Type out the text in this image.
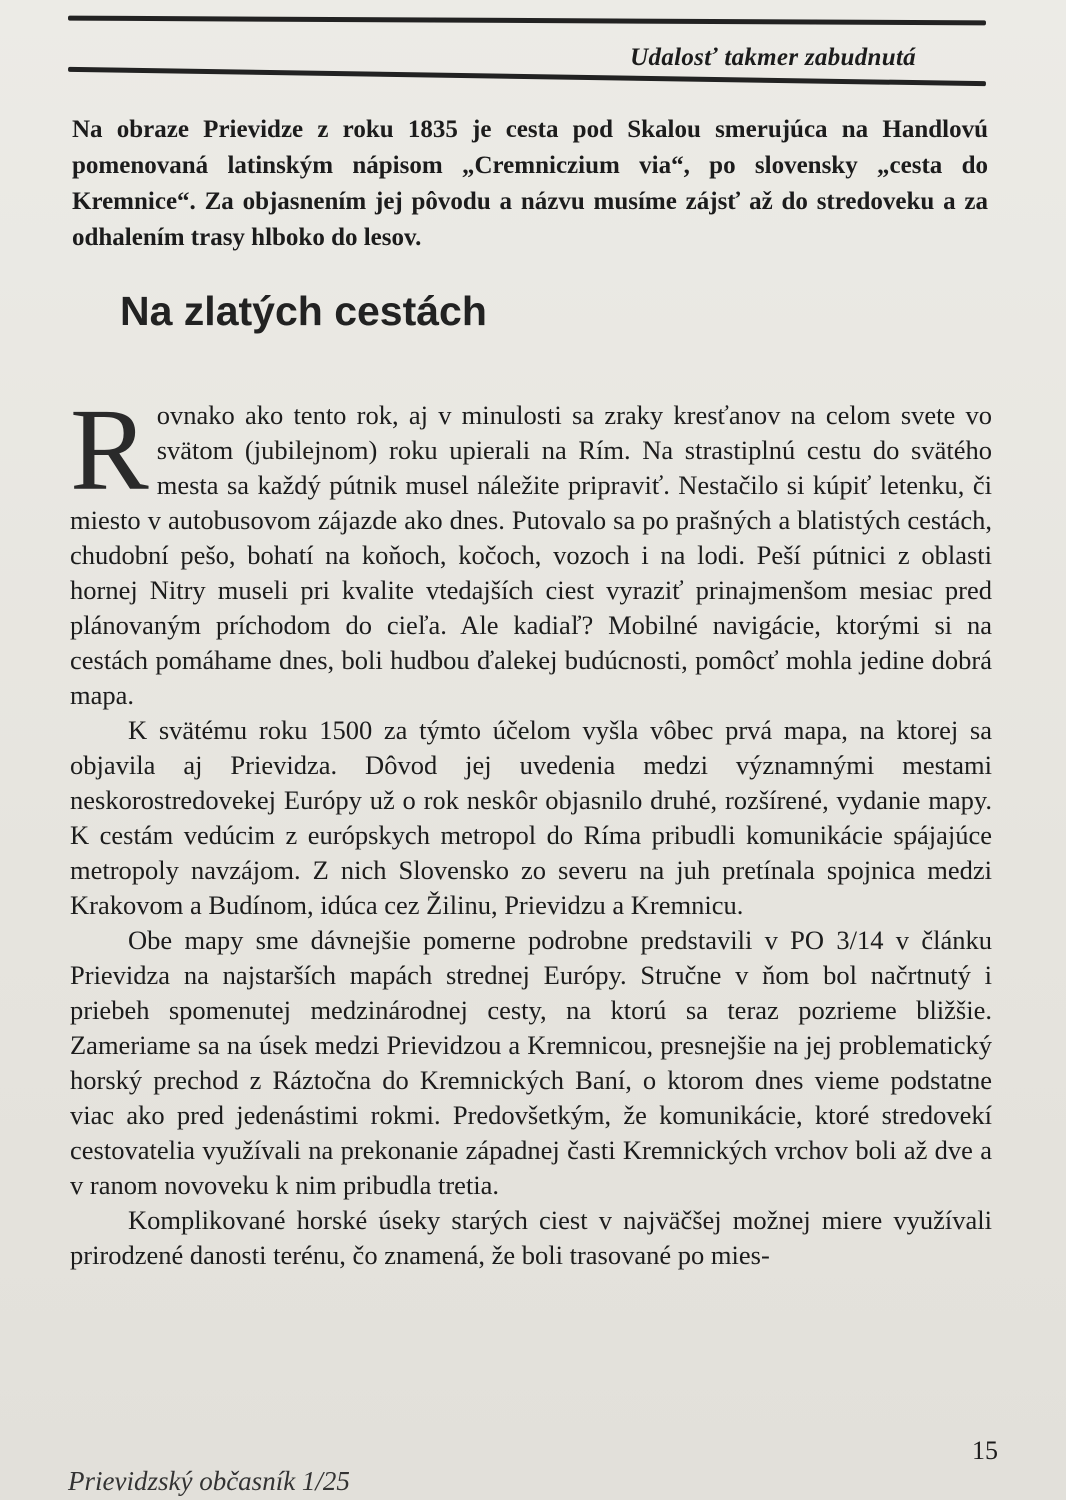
Udalosť takmer zabudnutá
Na obraze Prievidze z roku 1835 je cesta pod Skalou smerujúca na Handlovú pomenovaná latinským nápisom „Cremniczium via“, po slovensky „cesta do Kremnice“. Za objasnením jej pôvodu a názvu musíme zájsť až do stredoveku a za odhalením trasy hlboko do lesov.
Na zlatých cestách

Rovnako ako tento rok, aj v minulosti sa zraky kresťanov na celom svete vo svätom (jubilejnom) roku upierali na Rím. Na strastiplnú cestu do svätého mesta sa každý pútnik musel náležite pripraviť. Nestačilo si kúpiť letenku, či miesto v autobusovom zájazde ako dnes. Putovalo sa po prašných a blatistých cestách, chudobní pešo, bohatí na koňoch, kočoch, vozoch i na lodi. Peší pútnici z oblasti hornej Nitry museli pri kvalite vtedajších ciest vyraziť prinajmenšom mesiac pred plánovaným príchodom do cieľa. Ale kadiaľ? Mobilné navigácie, ktorými si na cestách pomáhame dnes, boli hudbou ďalekej budúcnosti, pomôcť mohla jedine dobrá mapa.

K svätému roku 1500 za týmto účelom vyšla vôbec prvá mapa, na ktorej sa objavila aj Prievidza. Dôvod jej uvedenia medzi významnými mestami neskorostredovekej Európy už o rok neskôr objasnilo druhé, rozšírené, vydanie mapy. K cestám vedúcim z európskych metropol do Ríma pribudli komunikácie spájajúce metropoly navzájom. Z nich Slovensko zo severu na juh pretínala spojnica medzi Krakovom a Budínom, idúca cez Žilinu, Prievidzu a Kremnicu.

Obe mapy sme dávnejšie pomerne podrobne predstavili v PO 3/14 v článku Prievidza na najstarších mapách strednej Európy. Stručne v ňom bol načrtnutý i priebeh spomenutej medzinárodnej cesty, na ktorú sa teraz pozrieme bližšie. Zameriame sa na úsek medzi Prievidzou a Kremnicou, presnejšie na jej problematický horský prechod z Ráztočna do Kremnických Baní, o ktorom dnes vieme podstatne viac ako pred jedenástimi rokmi. Predovšetkým, že komunikácie, ktoré stredovekí cestovatelia využívali na prekonanie západnej časti Kremnických vrchov boli až dve a v ranom novoveku k nim pribudla tretia.

Komplikované horské úseky starých ciest v najväčšej možnej miere využívali prirodzené danosti terénu, čo znamená, že boli trasované po mies-

15
Prievidzský občasník 1/25
